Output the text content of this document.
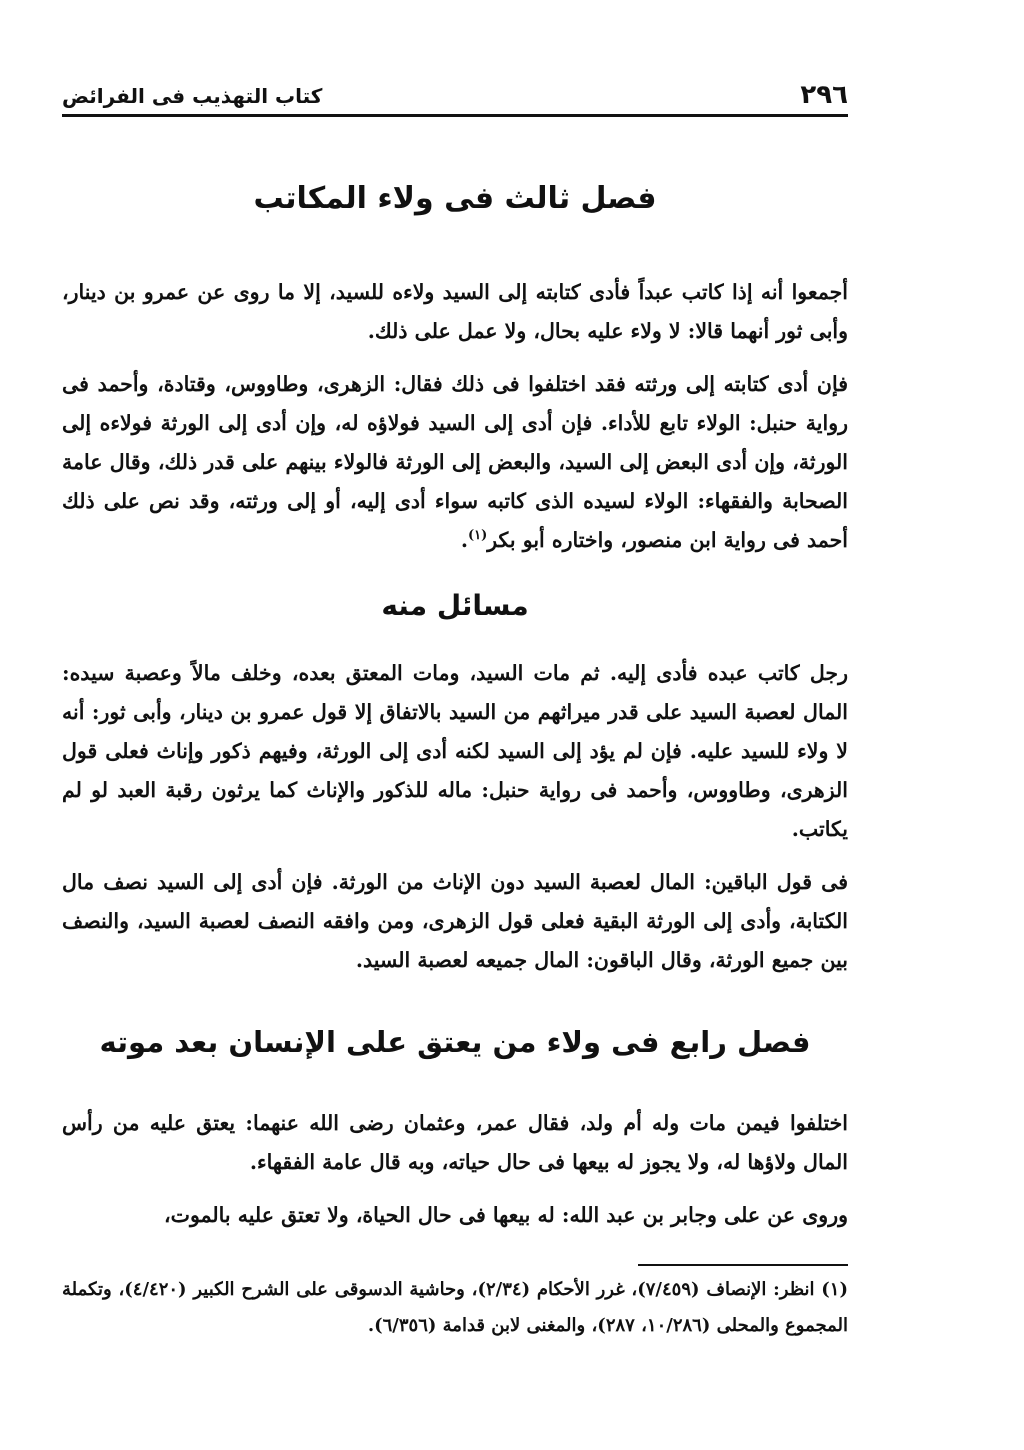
٢٩٦
كتاب التهذيب فى الفرائض
فصل ثالث فى ولاء المكاتب

أجمعوا أنه إذا كاتب عبداً فأدى كتابته إلى السيد ولاءه للسيد، إلا ما روى عن عمرو بن دينار، وأبى ثور أنهما قالا: لا ولاء عليه بحال، ولا عمل على ذلك.

فإن أدى كتابته إلى ورثته فقد اختلفوا فى ذلك فقال: الزهرى، وطاووس، وقتادة، وأحمد فى رواية حنبل: الولاء تابع للأداء. فإن أدى إلى السيد فولاؤه له، وإن أدى إلى الورثة فولاءه إلى الورثة، وإن أدى البعض إلى السيد، والبعض إلى الورثة فالولاء بينهم على قدر ذلك، وقال عامة الصحابة والفقهاء: الولاء لسيده الذى كاتبه سواء أدى إليه، أو إلى ورثته، وقد نص على ذلك أحمد فى رواية ابن منصور، واختاره أبو بكر$^{(١)}$.

مسائل منه

رجل كاتب عبده فأدى إليه. ثم مات السيد، ومات المعتق بعده، وخلف مالاً وعصبة سيده: المال لعصبة السيد على قدر ميراثهم من السيد بالاتفاق إلا قول عمرو بن دينار، وأبى ثور: أنه لا ولاء للسيد عليه. فإن لم يؤد إلى السيد لكنه أدى إلى الورثة، وفيهم ذكور وإناث فعلى قول الزهرى، وطاووس، وأحمد فى رواية حنبل: ماله للذكور والإناث كما يرثون رقبة العبد لو لم يكاتب.

فى قول الباقين: المال لعصبة السيد دون الإناث من الورثة. فإن أدى إلى السيد نصف مال الكتابة، وأدى إلى الورثة البقية فعلى قول الزهرى، ومن وافقه النصف لعصبة السيد، والنصف بين جميع الورثة، وقال الباقون: المال جميعه لعصبة السيد.

فصل رابع فى ولاء من يعتق على الإنسان بعد موته

اختلفوا فيمن مات وله أم ولد، فقال عمر، وعثمان رضى الله عنهما: يعتق عليه من رأس المال ولاؤها له، ولا يجوز له بيعها فى حال حياته، وبه قال عامة الفقهاء.

وروى عن على وجابر بن عبد الله: له بيعها فى حال الحياة، ولا تعتق عليه بالموت،

(١) انظر: الإنصاف (٧/٤٥٩)، غرر الأحكام (٢/٣٤)، وحاشية الدسوقى على الشرح الكبير (٤/٤٢٠)، وتكملة المجموع والمحلى (١٠/٢٨٦، ٢٨٧)، والمغنى لابن قدامة (٦/٣٥٦).
